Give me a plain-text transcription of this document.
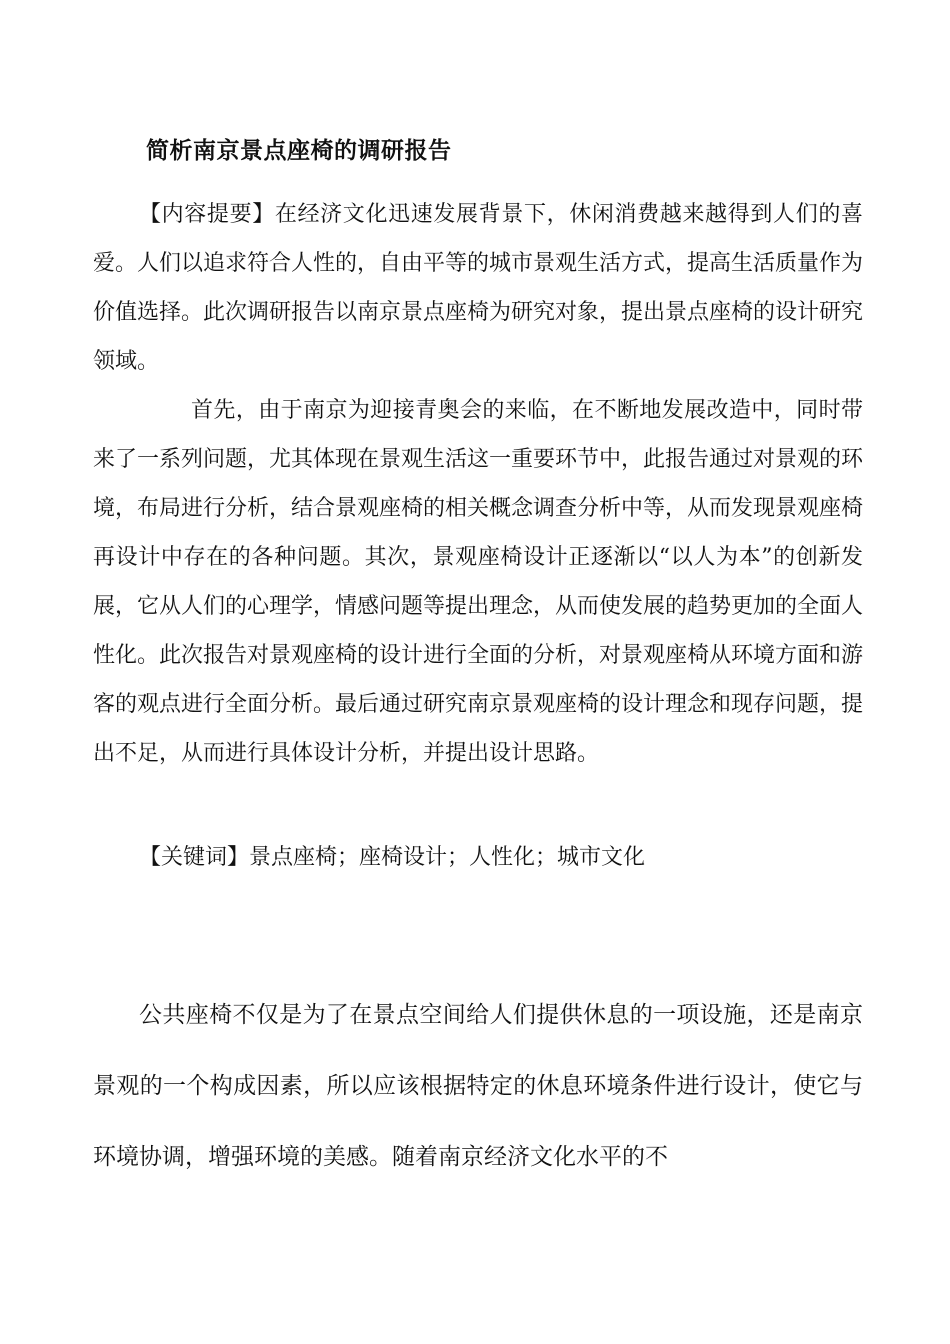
简析南京景点座椅的调研报告

【内容提要】在经济文化迅速发展背景下，休闲消费越来越得到人们的喜爱。人们以追求符合人性的，自由平等的城市景观生活方式，提高生活质量作为价值选择。此次调研报告以南京景点座椅为研究对象，提出景点座椅的设计研究领域。

首先，由于南京为迎接青奥会的来临，在不断地发展改造中，同时带来了一系列问题，尤其体现在景观生活这一重要环节中，此报告通过对景观的环境，布局进行分析，结合景观座椅的相关概念调查分析中等，从而发现景观座椅再设计中存在的各种问题。其次，景观座椅设计正逐渐以“以人为本”的创新发展，它从人们的心理学，情感问题等提出理念，从而使发展的趋势更加的全面人性化。此次报告对景观座椅的设计进行全面的分析，对景观座椅从环境方面和游客的观点进行全面分析。最后通过研究南京景观座椅的设计理念和现存问题，提出不足，从而进行具体设计分析，并提出设计思路。

【关键词】景点座椅；座椅设计；人性化；城市文化

公共座椅不仅是为了在景点空间给人们提供休息的一项设施，还是南京景观的一个构成因素，所以应该根据特定的休息环境条件进行设计，使它与环境协调，增强环境的美感。随着南京经济文化水平的不
